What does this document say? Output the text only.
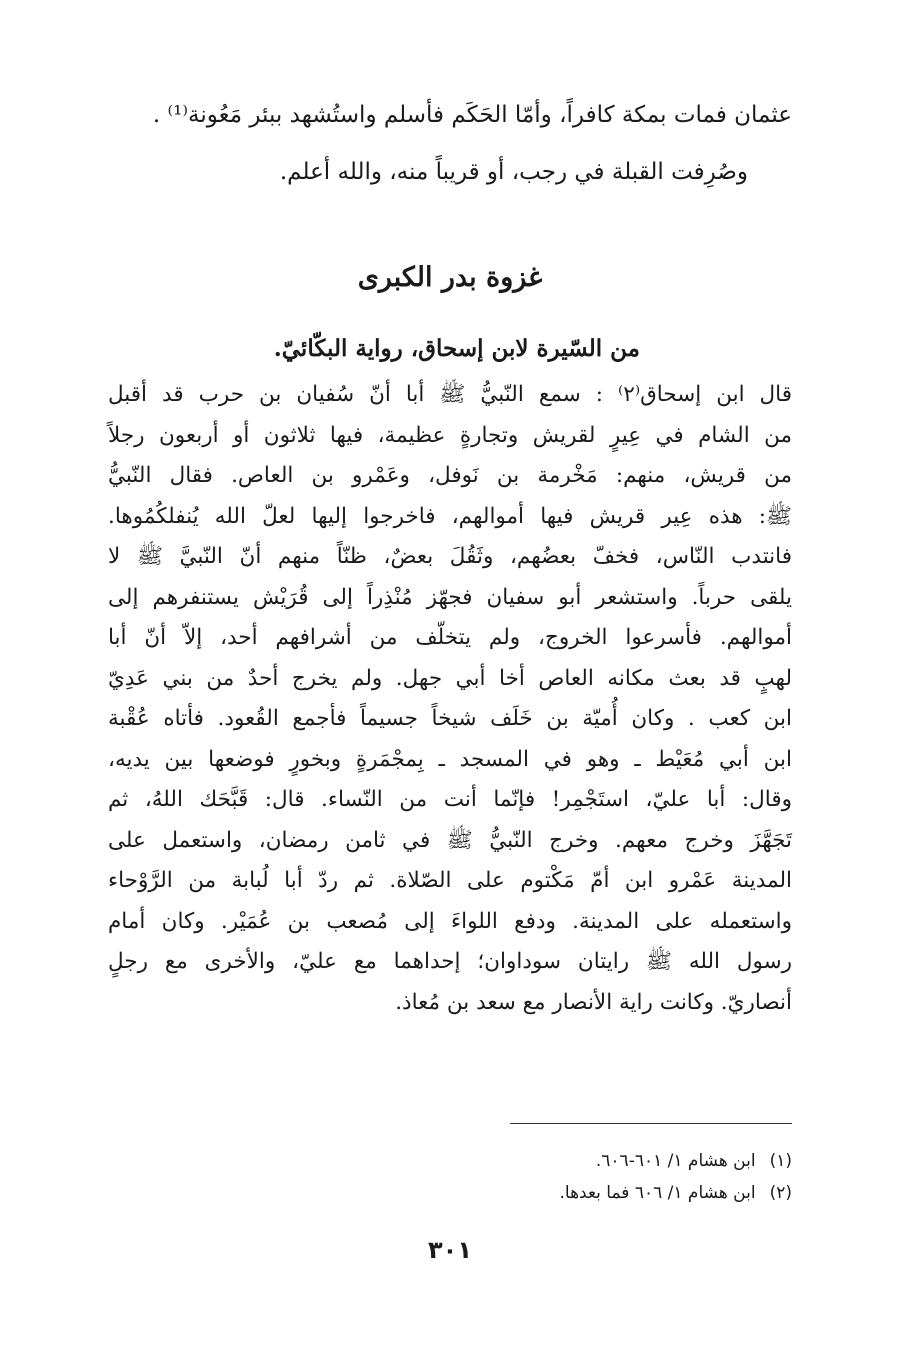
عثمان فمات بمكة كافراً، وأمّا الحَكَم فأسلم واستُشهد ببئر مَعُونة⁽¹⁾ .
وصُرِفت القبلة في رجب، أو قريباً منه، والله أعلم.
غزوة بدر الكبرى
من السّيرة لابن إسحاق، رواية البكّائيّ.

قال ابن إسحاق⁽٢⁾ : سمع النّبيُّ ﷺ أبا أنّ سُفيان بن حرب قد أقبل
من الشام في عِيرٍ لقريش وتجارةٍ عظيمة، فيها ثلاثون أو أربعون رجلاً
من قريش، منهم: مَخْرمة بن نَوفل، وعَمْرو بن العاص. فقال النّبيُّ
ﷺ: هذه عِير قريش فيها أموالهم، فاخرجوا إليها لعلّ الله يُنفلكُمُوها.
فانتدب النّاس، فخفّ بعضُهم، وثَقُلَ بعضٌ، ظنّاً منهم أنّ النّبيَّ ﷺ لا
يلقى حرباً. واستشعر أبو سفيان فجهّز مُنْذِراً إلى قُرَيْش يستنفرهم إلى
أموالهم. فأسرعوا الخروج، ولم يتخلّف من أشرافهم أحد، إلاّ أنّ أبا
لهبٍ قد بعث مكانه العاص أخا أبي جهل. ولم يخرج أحدٌ من بني عَدِيّ
ابن كعب . وكان أُميّة بن خَلَف شيخاً جسيماً فأجمع القُعود. فأتاه عُقْبة
ابن أبي مُعَيْط ـ وهو في المسجد ـ بِمجْمَرةٍ وبخورٍ فوضعها بين يديه،
وقال: أبا عليّ، استَجْمِر! فإنّما أنت من النّساء. قال: قَبَّحَك اللهُ، ثم
تَجَهَّزَ وخرج معهم. وخرج النّبيُّ ﷺ في ثامن رمضان، واستعمل على
المدينة عَمْرو ابن أمّ مَكْتوم على الصّلاة. ثم ردّ أبا لُبابة من الرَّوْحاء
واستعمله على المدينة. ودفع اللواءَ إلى مُصعب بن عُمَيْر. وكان أمام
رسول الله ﷺ رايتان سوداوان؛ إحداهما مع عليّ، والأخرى مع رجلٍ
أنصاريّ. وكانت راية الأنصار مع سعد بن مُعاذ.

(١)
ابن هشام ١/ ٦٠١-٦٠٦.
(٢)
ابن هشام ١/ ٦٠٦ فما بعدها.
٣٠١
